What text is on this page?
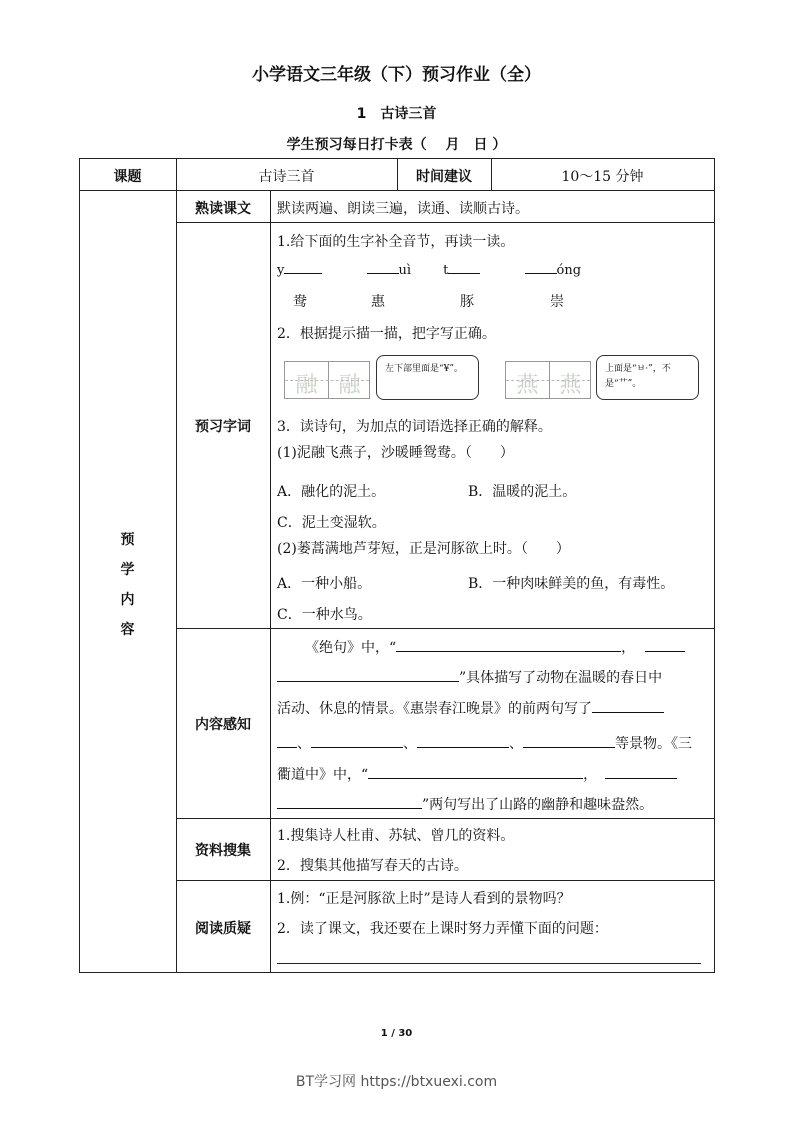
小学语文三年级（下）预习作业（全）
1　古诗三首
学生预习每日打卡表（　 月　日 ）
课题	古诗三首	时间建议	10～15 分钟
预
学
内
容
熟读课文	默读两遍、朗读三遍，读通、读顺古诗。
预习字词
1.给下面的生字补全音节，再读一读。
y	uì t	óng
鸯	惠	豚	崇
2．根据提示描一描，把字写正确。
融 融
左下部里面是“¥”。
燕 燕
上面是“ㅂ·”，不是“艹”。
3．读诗句，为加点的词语选择正确的解释。
(1)泥融飞燕子，沙暖睡鸳鸯。（　　）
A．融化的泥土。	B．温暖的泥土。
C．泥土变湿软。
(2)蒌蒿满地芦芽短，正是河豚欲上时。（　　）
A．一种小船。	B．一种肉味鲜美的鱼，有毒性。
C．一种水鸟。
内容感知
《绝句》中，“	，
”具体描写了动物在温暖的春日中
活动、休息的情景。《惠崇春江晚景》的前两句写了
、	、	、	等景物。《三
衢道中》中，“	，
”两句写出了山路的幽静和趣味盎然。
资料搜集
1.搜集诗人杜甫、苏轼、曾几的资料。
2．搜集其他描写春天的古诗。
阅读质疑
1.例：“正是河豚欲上时”是诗人看到的景物吗？
2．读了课文，我还要在上课时努力弄懂下面的问题：
1 / 30
BT学习网 https://btxuexi.com
